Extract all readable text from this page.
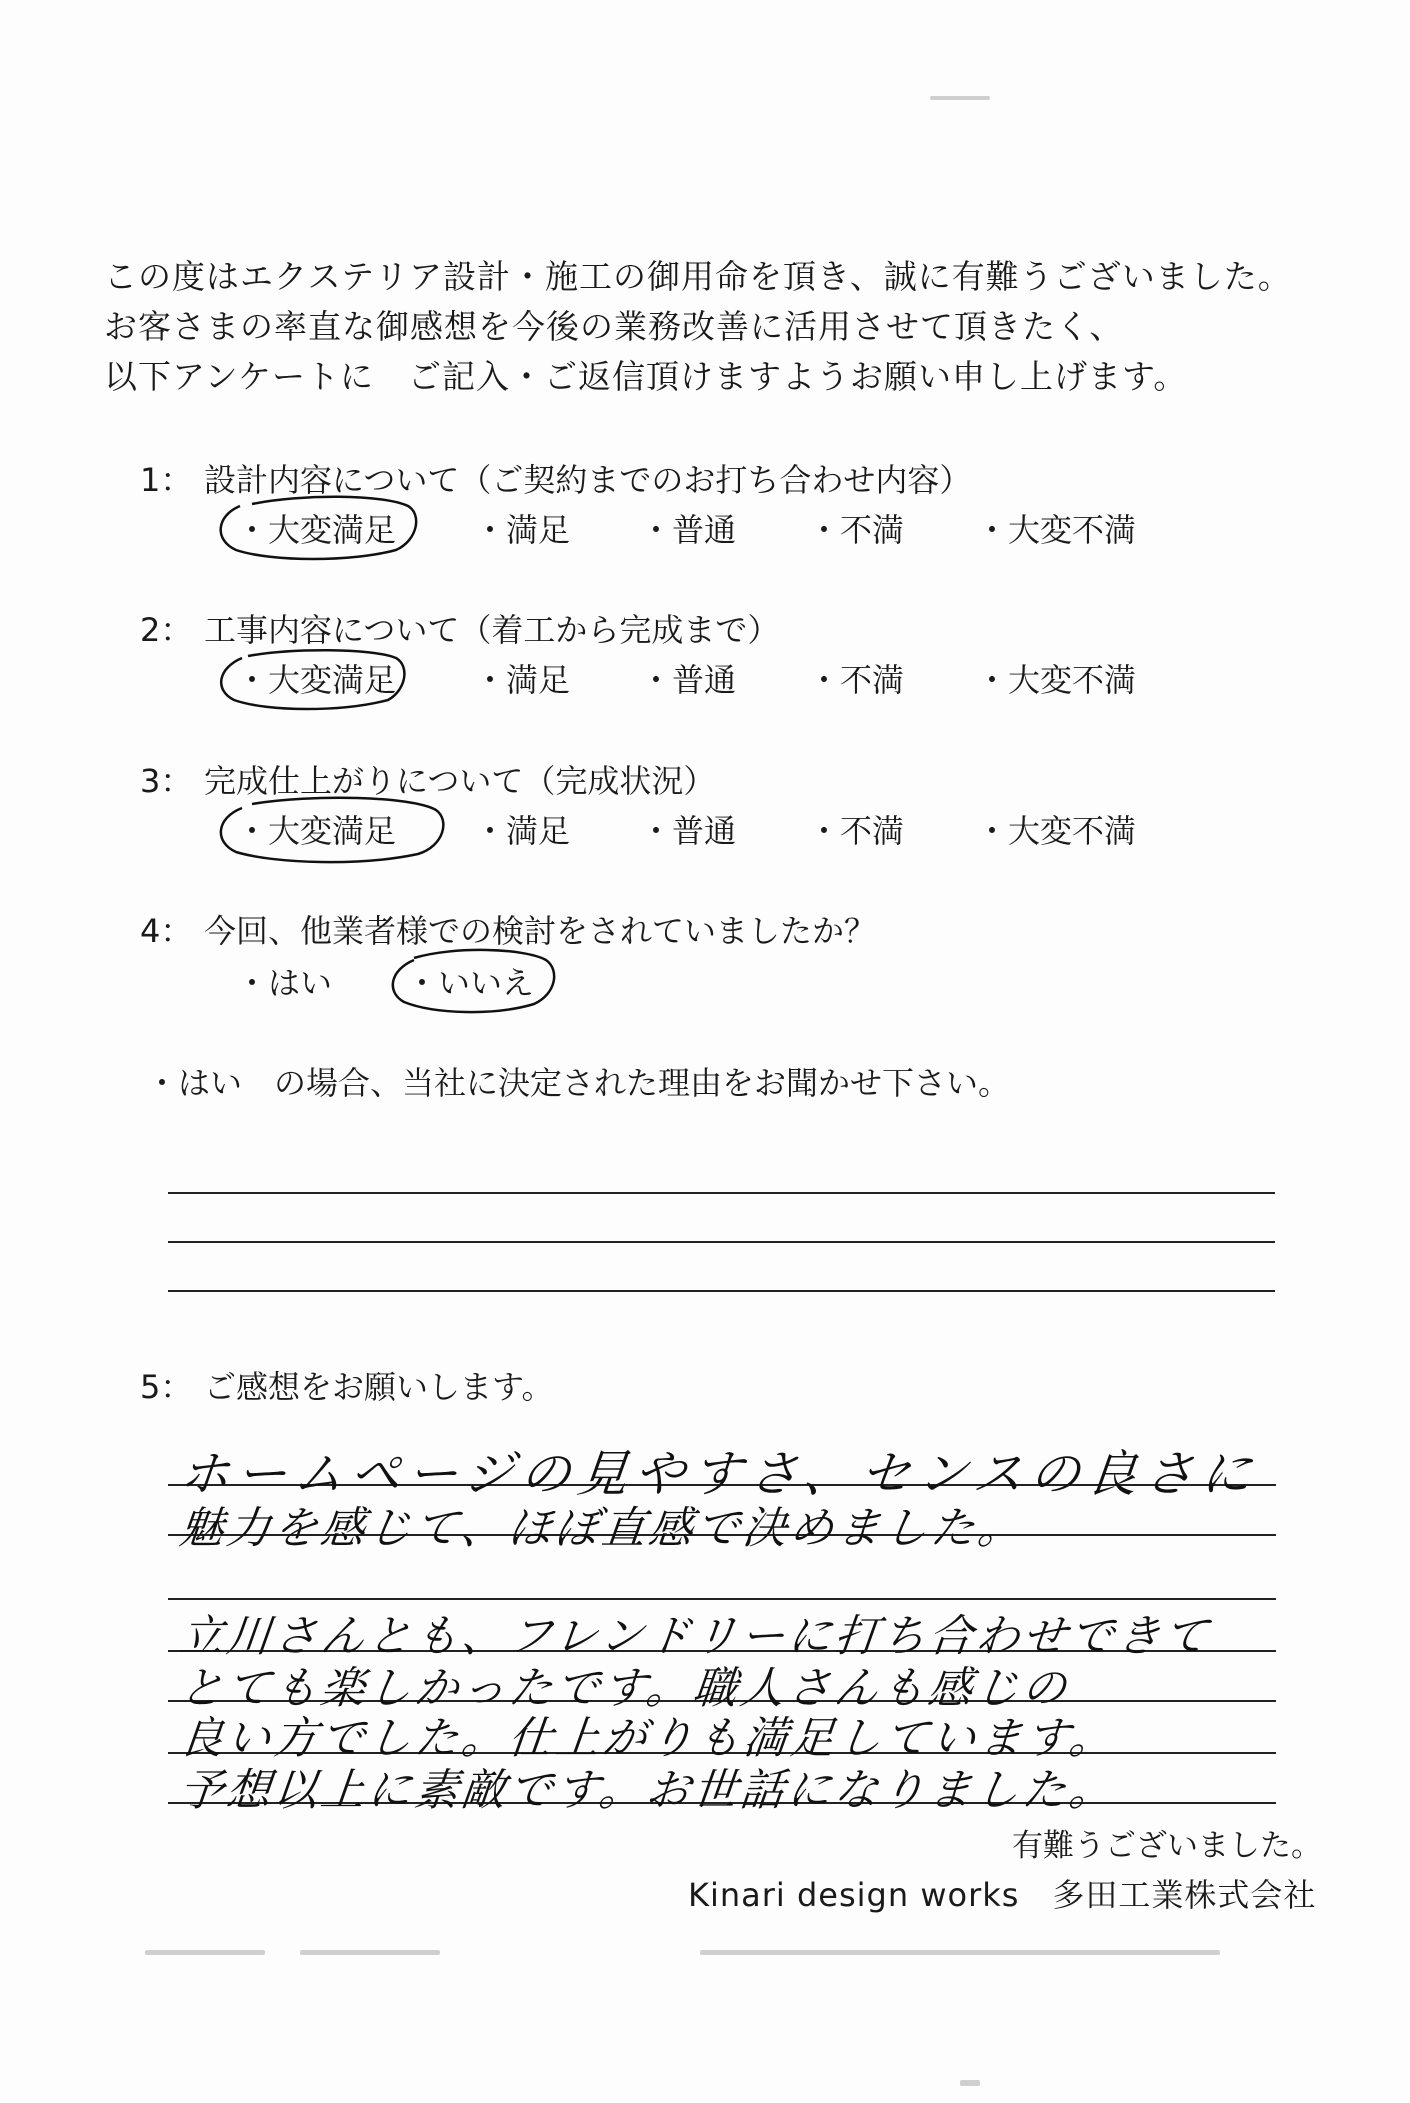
この度はエクステリア設計・施工の御用命を頂き、誠に有難うございました。
お客さまの率直な御感想を今後の業務改善に活用させて頂きたく、
以下アンケートに　ご記入・ご返信頂けますようお願い申し上げます。
1： 設計内容について（ご契約までのお打ち合わせ内容）
・大変満足 ・満足 ・普通 ・不満 ・大変不満
2： 工事内容について（着工から完成まで）
・大変満足 ・満足 ・普通 ・不満 ・大変不満
3： 完成仕上がりについて（完成状況）
・大変満足 ・満足 ・普通 ・不満 ・大変不満
4： 今回、他業者様での検討をされていましたか？
・はい ・いいえ
・はい　の場合、当社に決定された理由をお聞かせ下さい。
5： ご感想をお願いします。
ホームページの見やすさ、センスの良さに
魅力を感じて、ほぼ直感で決めました。
立川さんとも、フレンドリーに打ち合わせできて
とても楽しかったです。職人さんも感じの
良い方でした。仕上がりも満足しています。
予想以上に素敵です。お世話になりました。
有難うございました。
Kinari design works　多田工業株式会社
